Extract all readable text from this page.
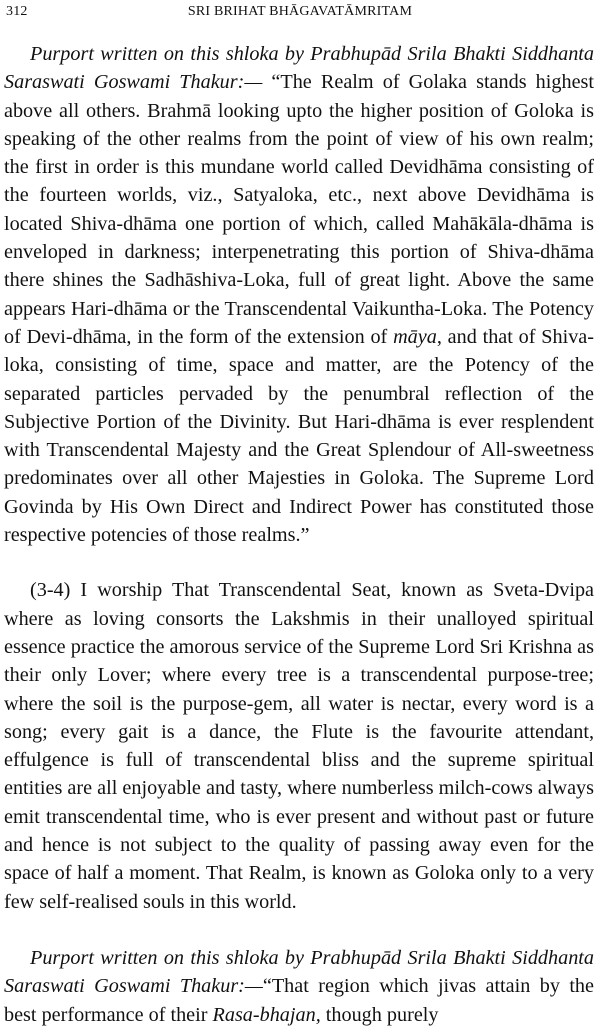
312	SRI BRIHAT BHĀGAVATĀMRITAM

Purport written on this shloka by Prabhupād Srila Bhakti Siddhanta Saraswati Goswami Thakur:— “The Realm of Golaka stands highest above all others. Brahmā looking upto the higher position of Goloka is speaking of the other realms from the point of view of his own realm; the first in order is this mundane world called Devidhāma consisting of the fourteen worlds, viz., Satyaloka, etc., next above Devidhāma is located Shiva-dhāma one portion of which, called Mahākāla-dhāma is enveloped in darkness; interpenetrating this portion of Shiva-dhāma there shines the Sadhāshiva-Loka, full of great light. Above the same appears Hari-dhāma or the Transcendental Vaikuntha-Loka. The Potency of Devi-dhāma, in the form of the extension of māya, and that of Shiva-loka, consisting of time, space and matter, are the Potency of the separated particles pervaded by the penumbral reflection of the Subjective Portion of the Divinity. But Hari-dhāma is ever resplendent with Transcendental Majesty and the Great Splendour of All-sweetness predominates over all other Majesties in Goloka. The Supreme Lord Govinda by His Own Direct and Indirect Power has constituted those respective potencies of those realms.”

(3-4) I worship That Transcendental Seat, known as Sveta-Dvipa where as loving consorts the Lakshmis in their unalloyed spiritual essence practice the amorous service of the Supreme Lord Sri Krishna as their only Lover; where every tree is a transcendental purpose-tree; where the soil is the purpose-gem, all water is nectar, every word is a song; every gait is a dance, the Flute is the favourite attendant, effulgence is full of transcendental bliss and the supreme spiritual entities are all enjoyable and tasty, where numberless milch-cows always emit transcendental time, who is ever present and without past or future and hence is not subject to the quality of passing away even for the space of half a moment. That Realm, is known as Goloka only to a very few self-realised souls in this world.

Purport written on this shloka by Prabhupād Srila Bhakti Siddhanta Saraswati Goswami Thakur:—“That region which jivas attain by the best performance of their Rasa-bhajan, though purely
